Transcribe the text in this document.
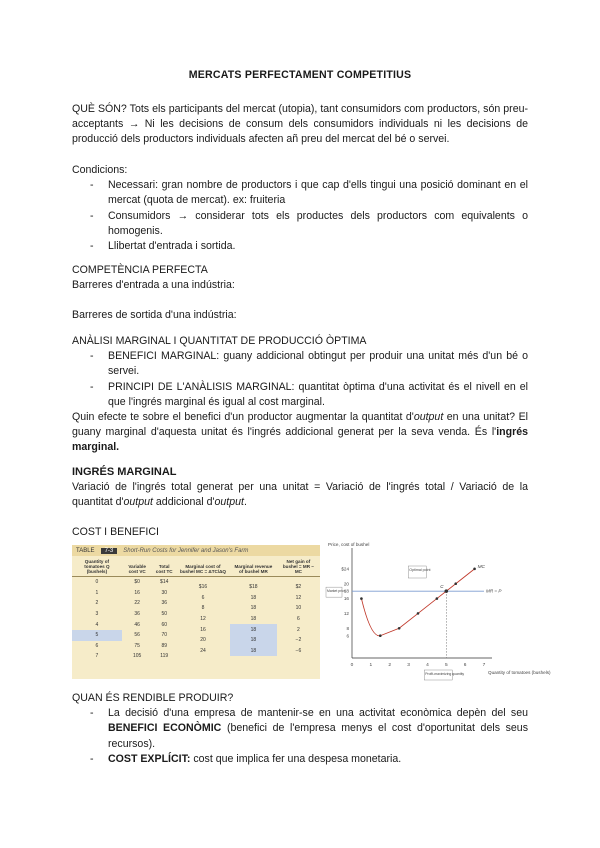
MERCATS PERFECTAMENT COMPETITIUS

QUÈ SÓN? Tots els participants del mercat (utopia), tant consumidors com productors, són preu-acceptants → Ni les decisions de consum dels consumidors individuals ni les decisions de producció dels productors individuals afecten añ preu del mercat del bé o servei.

Condicions:

- Necessari: gran nombre de productors i que cap d'ells tingui una posició dominant en el mercat (quota de mercat). ex: fruiteria
- Consumidors → considerar tots els productes dels productors com equivalents o homogenis.
- Llibertat d'entrada i sortida.

COMPETÈNCIA PERFECTA

Barreres d'entrada a una indústria:

Barreres de sortida d'una indústria:

ANÀLISI MARGINAL I QUANTITAT DE PRODUCCIÓ ÒPTIMA

- BENEFICI MARGINAL: guany addicional obtingut per produir una unitat més d'un bé o servei.
- PRINCIPI DE L'ANÀLISIS MARGINAL: quantitat òptima d'una activitat és el nivell en el que l'ingrés marginal és igual al cost marginal.

Quin efecte te sobre el benefici d'un productor augmentar la quantitat d'output en una unitat? El guany marginal d'aquesta unitat és l'ingrés addicional generat per la seva venda. És l'ingrés marginal.

INGRÉS MARGINAL

Variació de l'ingrés total generat per una unitat = Variació de l'ingrés total / Variació de la quantitat d'output addicional d'output.

COST I BENEFICI

QUAN ÉS RENDIBLE PRODUIR?

- La decisió d'una empresa de mantenir-se en una activitat econòmica depèn del seu BENEFICI ECONÒMIC (benefici de l'empresa menys el cost d'oportunitat dels seus recursos).
- COST EXPLÍCIT: cost que implica fer una despesa monetaria.
TABLE	7-3	Short-Run Costs for Jennifer and Jason's Farm
Quantity of tomatoes Q (bushels)	Variable cost VC	Total cost TC	Marginal cost of bushel MC = ΔTC/ΔQ	Marginal revenue of bushel MR	Net gain of bushel = MR − MC
0	$0	$14	$16	$18	$2
1	16	30	6	18	12
2	22	36	8	18	10
3	36	50	12	18	6
4	46	60	16	18	2
5	56	70	20	18	−2
6	75	89	24	18	−6
7	105	119			
Price, cost of bushel
$24
20
18
16
12
8
6
0	1	2	3	4	5	6	7
Quantity of tomatoes (bushels)
MR = P
MC
C
Optimal point
Market price
Profit-maximizing quantity
